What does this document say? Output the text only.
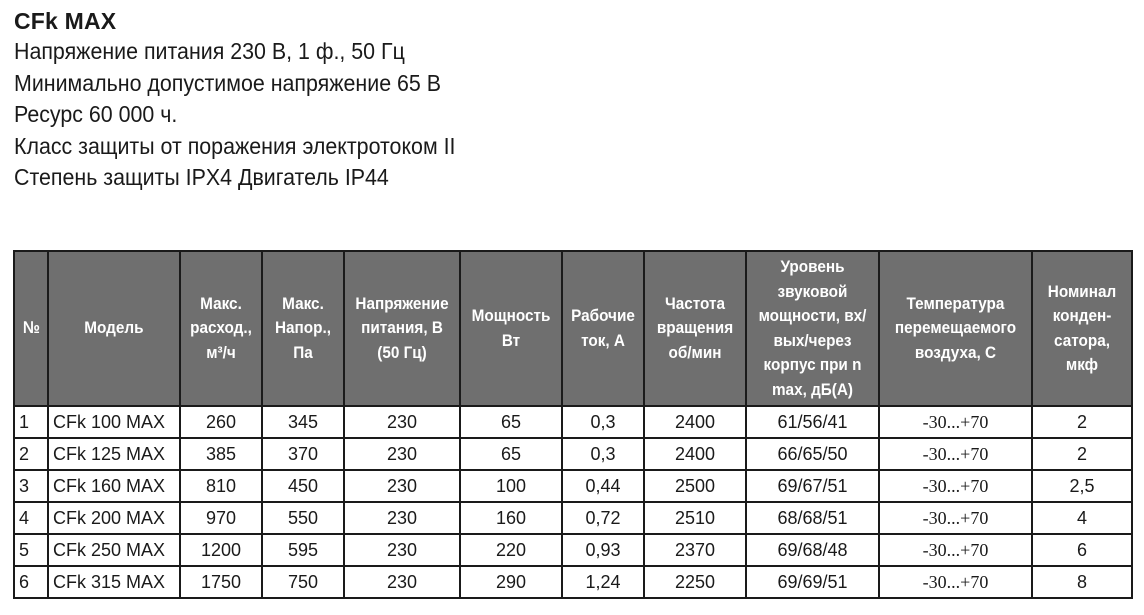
CFk MAX
Напряжение питания 230 В, 1 ф., 50 Гц
Минимально допустимое напряжение 65 В
Ресурс 60 000 ч.
Класс защиты от поражения электротоком II
Степень защиты IPX4 Двигатель IP44
№	Модель	Макс. расход., м³/ч	Макс. Напор., Па	Напряжение питания, В (50 Гц)	Мощность Вт	Рабочие ток, А	Частота вращения об/мин	Уровень звуковой мощности, вх/вых/через корпус при n max, дБ(А)	Температура перемещаемого воздуха, С	Номинал конден-сатора, мкф
1	CFk 100 MAX	260	345	230	65	0,3	2400	61/56/41	-30...+70	2
2	CFk 125 MAX	385	370	230	65	0,3	2400	66/65/50	-30...+70	2
3	CFk 160 MAX	810	450	230	100	0,44	2500	69/67/51	-30...+70	2,5
4	CFk 200 MAX	970	550	230	160	0,72	2510	68/68/51	-30...+70	4
5	CFk 250 MAX	1200	595	230	220	0,93	2370	69/68/48	-30...+70	6
6	CFk 315 MAX	1750	750	230	290	1,24	2250	69/69/51	-30...+70	8
